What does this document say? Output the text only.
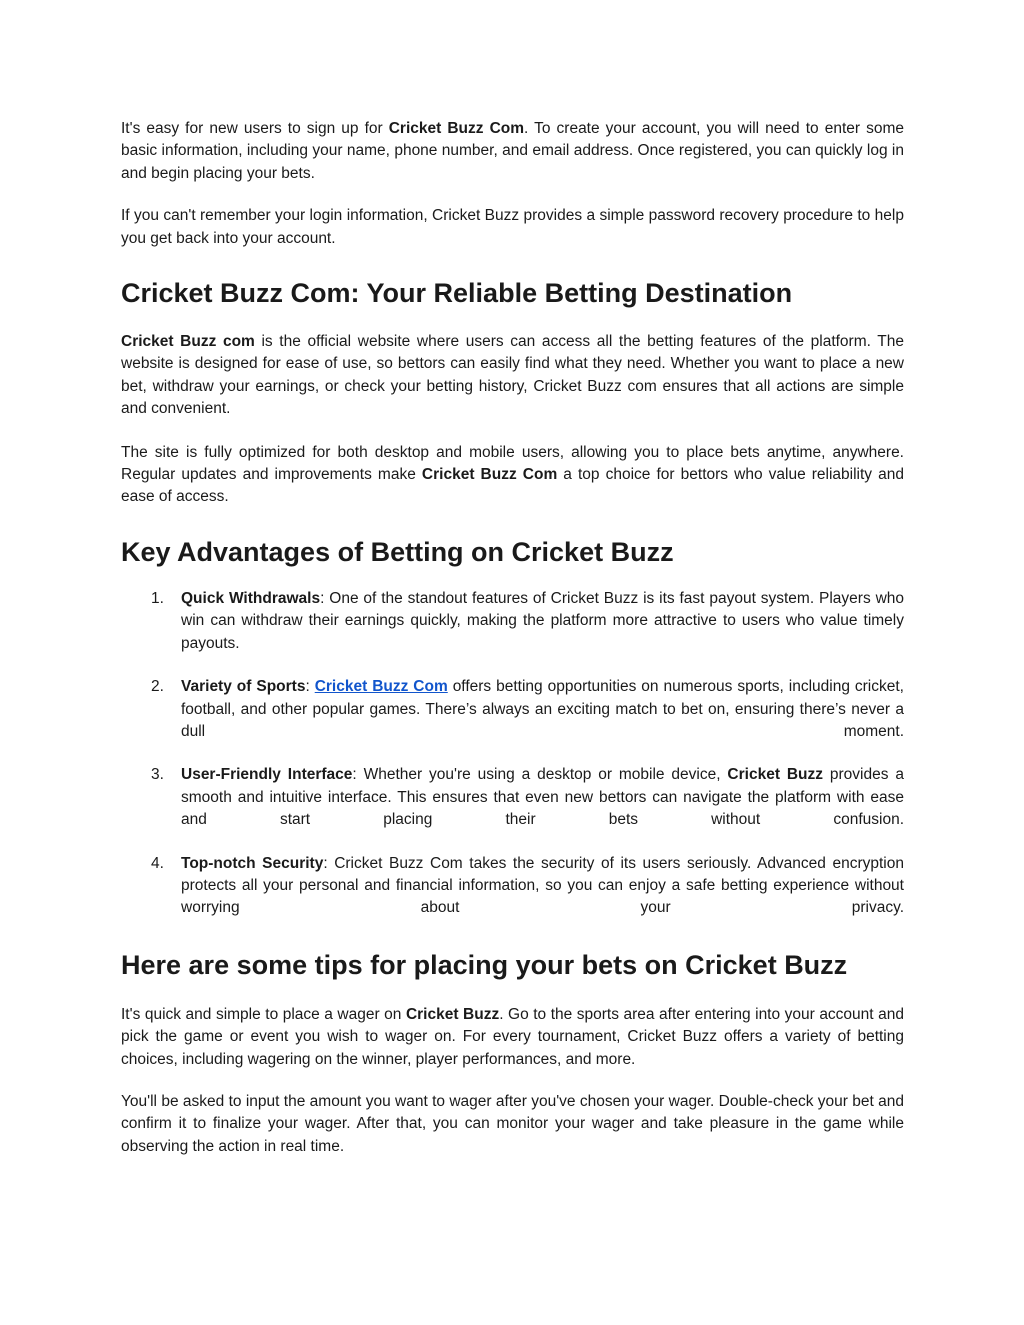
It's easy for new users to sign up for Cricket Buzz Com. To create your account, you will need to enter some basic information, including your name, phone number, and email address. Once registered, you can quickly log in and begin placing your bets.

If you can't remember your login information, Cricket Buzz provides a simple password recovery procedure to help you get back into your account.

Cricket Buzz Com: Your Reliable Betting Destination

Cricket Buzz com is the official website where users can access all the betting features of the platform. The website is designed for ease of use, so bettors can easily find what they need. Whether you want to place a new bet, withdraw your earnings, or check your betting history, Cricket Buzz com ensures that all actions are simple and convenient.

The site is fully optimized for both desktop and mobile users, allowing you to place bets anytime, anywhere. Regular updates and improvements make Cricket Buzz Com a top choice for bettors who value reliability and ease of access.

Key Advantages of Betting on Cricket Buzz
1. Quick Withdrawals: One of the standout features of Cricket Buzz is its fast payout system. Players who win can withdraw their earnings quickly, making the platform more attractive to users who value timely payouts.

2. Variety of Sports: Cricket Buzz Com offers betting opportunities on numerous sports, including cricket, football, and other popular games. There’s always an exciting match to bet on, ensuring there’s never a dull moment.

3. User-Friendly Interface: Whether you're using a desktop or mobile device, Cricket Buzz provides a smooth and intuitive interface. This ensures that even new bettors can navigate the platform with ease and start placing their bets without confusion.

4. Top-notch Security: Cricket Buzz Com takes the security of its users seriously. Advanced encryption protects all your personal and financial information, so you can enjoy a safe betting experience without worrying about your privacy.

Here are some tips for placing your bets on Cricket Buzz

It's quick and simple to place a wager on Cricket Buzz. Go to the sports area after entering into your account and pick the game or event you wish to wager on. For every tournament, Cricket Buzz offers a variety of betting choices, including wagering on the winner, player performances, and more.

You'll be asked to input the amount you want to wager after you've chosen your wager. Double-check your bet and confirm it to finalize your wager. After that, you can monitor your wager and take pleasure in the game while observing the action in real time.
